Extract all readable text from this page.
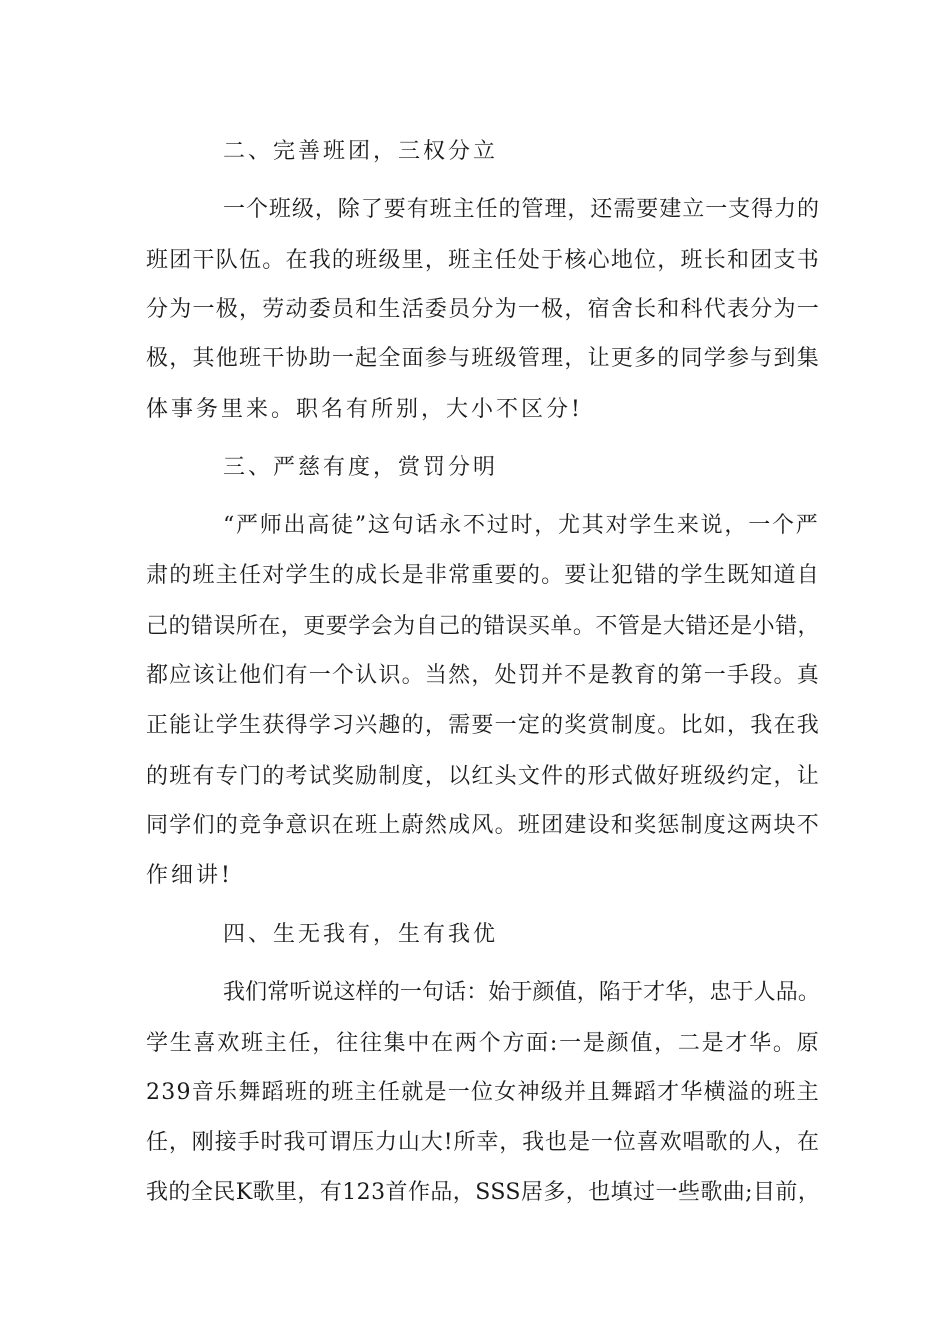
二、完善班团，三权分立
一个班级，除了要有班主任的管理，还需要建立一支得力的
班团干队伍。在我的班级里，班主任处于核心地位，班长和团支书
分为一极，劳动委员和生活委员分为一极，宿舍长和科代表分为一
极，其他班干协助一起全面参与班级管理，让更多的同学参与到集
体事务里来。职名有所别，大小不区分!
三、严慈有度，赏罚分明
“严师出高徒”这句话永不过时，尤其对学生来说，一个严
肃的班主任对学生的成长是非常重要的。要让犯错的学生既知道自
己的错误所在，更要学会为自己的错误买单。不管是大错还是小错，
都应该让他们有一个认识。当然，处罚并不是教育的第一手段。真
正能让学生获得学习兴趣的，需要一定的奖赏制度。比如，我在我
的班有专门的考试奖励制度，以红头文件的形式做好班级约定，让
同学们的竞争意识在班上蔚然成风。班团建设和奖惩制度这两块不
作细讲!
四、生无我有，生有我优
我们常听说这样的一句话：始于颜值，陷于才华，忠于人品。
学生喜欢班主任，往往集中在两个方面:一是颜值，二是才华。原
239音乐舞蹈班的班主任就是一位女神级并且舞蹈才华横溢的班主
任，刚接手时我可谓压力山大!所幸，我也是一位喜欢唱歌的人，在
我的全民K歌里，有123首作品，SSS居多，也填过一些歌曲;目前，
